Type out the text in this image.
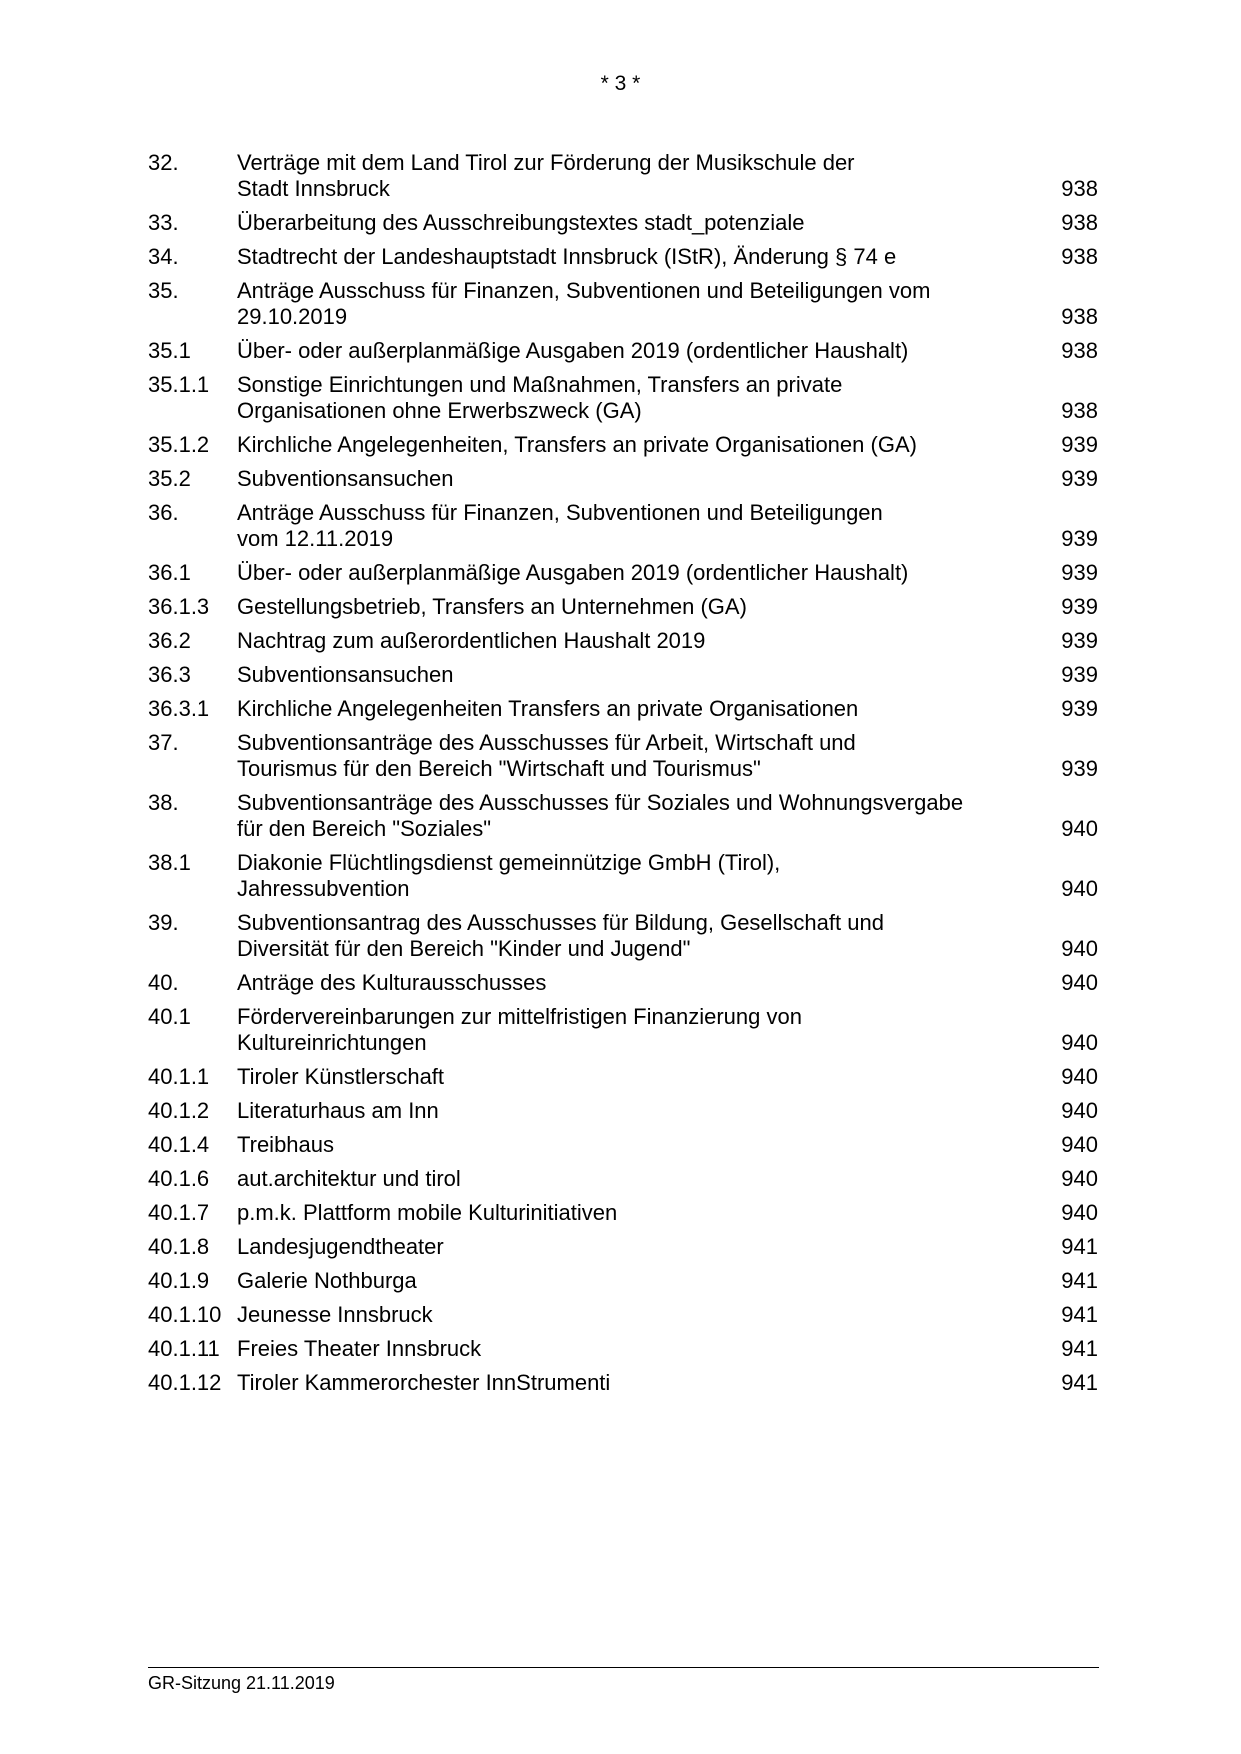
* 3 *
32.	Verträge mit dem Land Tirol zur Förderung der Musikschule der
Stadt Innsbruck	938
33.	Überarbeitung des Ausschreibungstextes stadt_potenziale	938
34.	Stadtrecht der Landeshauptstadt Innsbruck (IStR), Änderung § 74 e	938
35.	Anträge Ausschuss für Finanzen, Subventionen und Beteiligungen vom
29.10.2019	938
35.1	Über- oder außerplanmäßige Ausgaben 2019 (ordentlicher Haushalt)	938
35.1.1	Sonstige Einrichtungen und Maßnahmen, Transfers an private
Organisationen ohne Erwerbszweck (GA)	938
35.1.2	Kirchliche Angelegenheiten, Transfers an private Organisationen (GA)	939
35.2	Subventionsansuchen	939
36.	Anträge Ausschuss für Finanzen, Subventionen und Beteiligungen
vom 12.11.2019	939
36.1	Über- oder außerplanmäßige Ausgaben 2019 (ordentlicher Haushalt)	939
36.1.3	Gestellungsbetrieb, Transfers an Unternehmen (GA)	939
36.2	Nachtrag zum außerordentlichen Haushalt 2019	939
36.3	Subventionsansuchen	939
36.3.1	Kirchliche Angelegenheiten Transfers an private Organisationen	939
37.	Subventionsanträge des Ausschusses für Arbeit, Wirtschaft und
Tourismus für den Bereich "Wirtschaft und Tourismus"	939
38.	Subventionsanträge des Ausschusses für Soziales und Wohnungsvergabe
für den Bereich "Soziales"	940
38.1	Diakonie Flüchtlingsdienst gemeinnützige GmbH (Tirol),
Jahressubvention	940
39.	Subventionsantrag des Ausschusses für Bildung, Gesellschaft und
Diversität für den Bereich "Kinder und Jugend"	940
40.	Anträge des Kulturausschusses	940
40.1	Fördervereinbarungen zur mittelfristigen Finanzierung von
Kultureinrichtungen	940
40.1.1	Tiroler Künstlerschaft	940
40.1.2	Literaturhaus am Inn	940
40.1.4	Treibhaus	940
40.1.6	aut.architektur und tirol	940
40.1.7	p.m.k. Plattform mobile Kulturinitiativen	940
40.1.8	Landesjugendtheater	941
40.1.9	Galerie Nothburga	941
40.1.10 Jeunesse Innsbruck	941
40.1.11 Freies Theater Innsbruck	941
40.1.12 Tiroler Kammerorchester InnStrumenti	941
GR-Sitzung 21.11.2019
